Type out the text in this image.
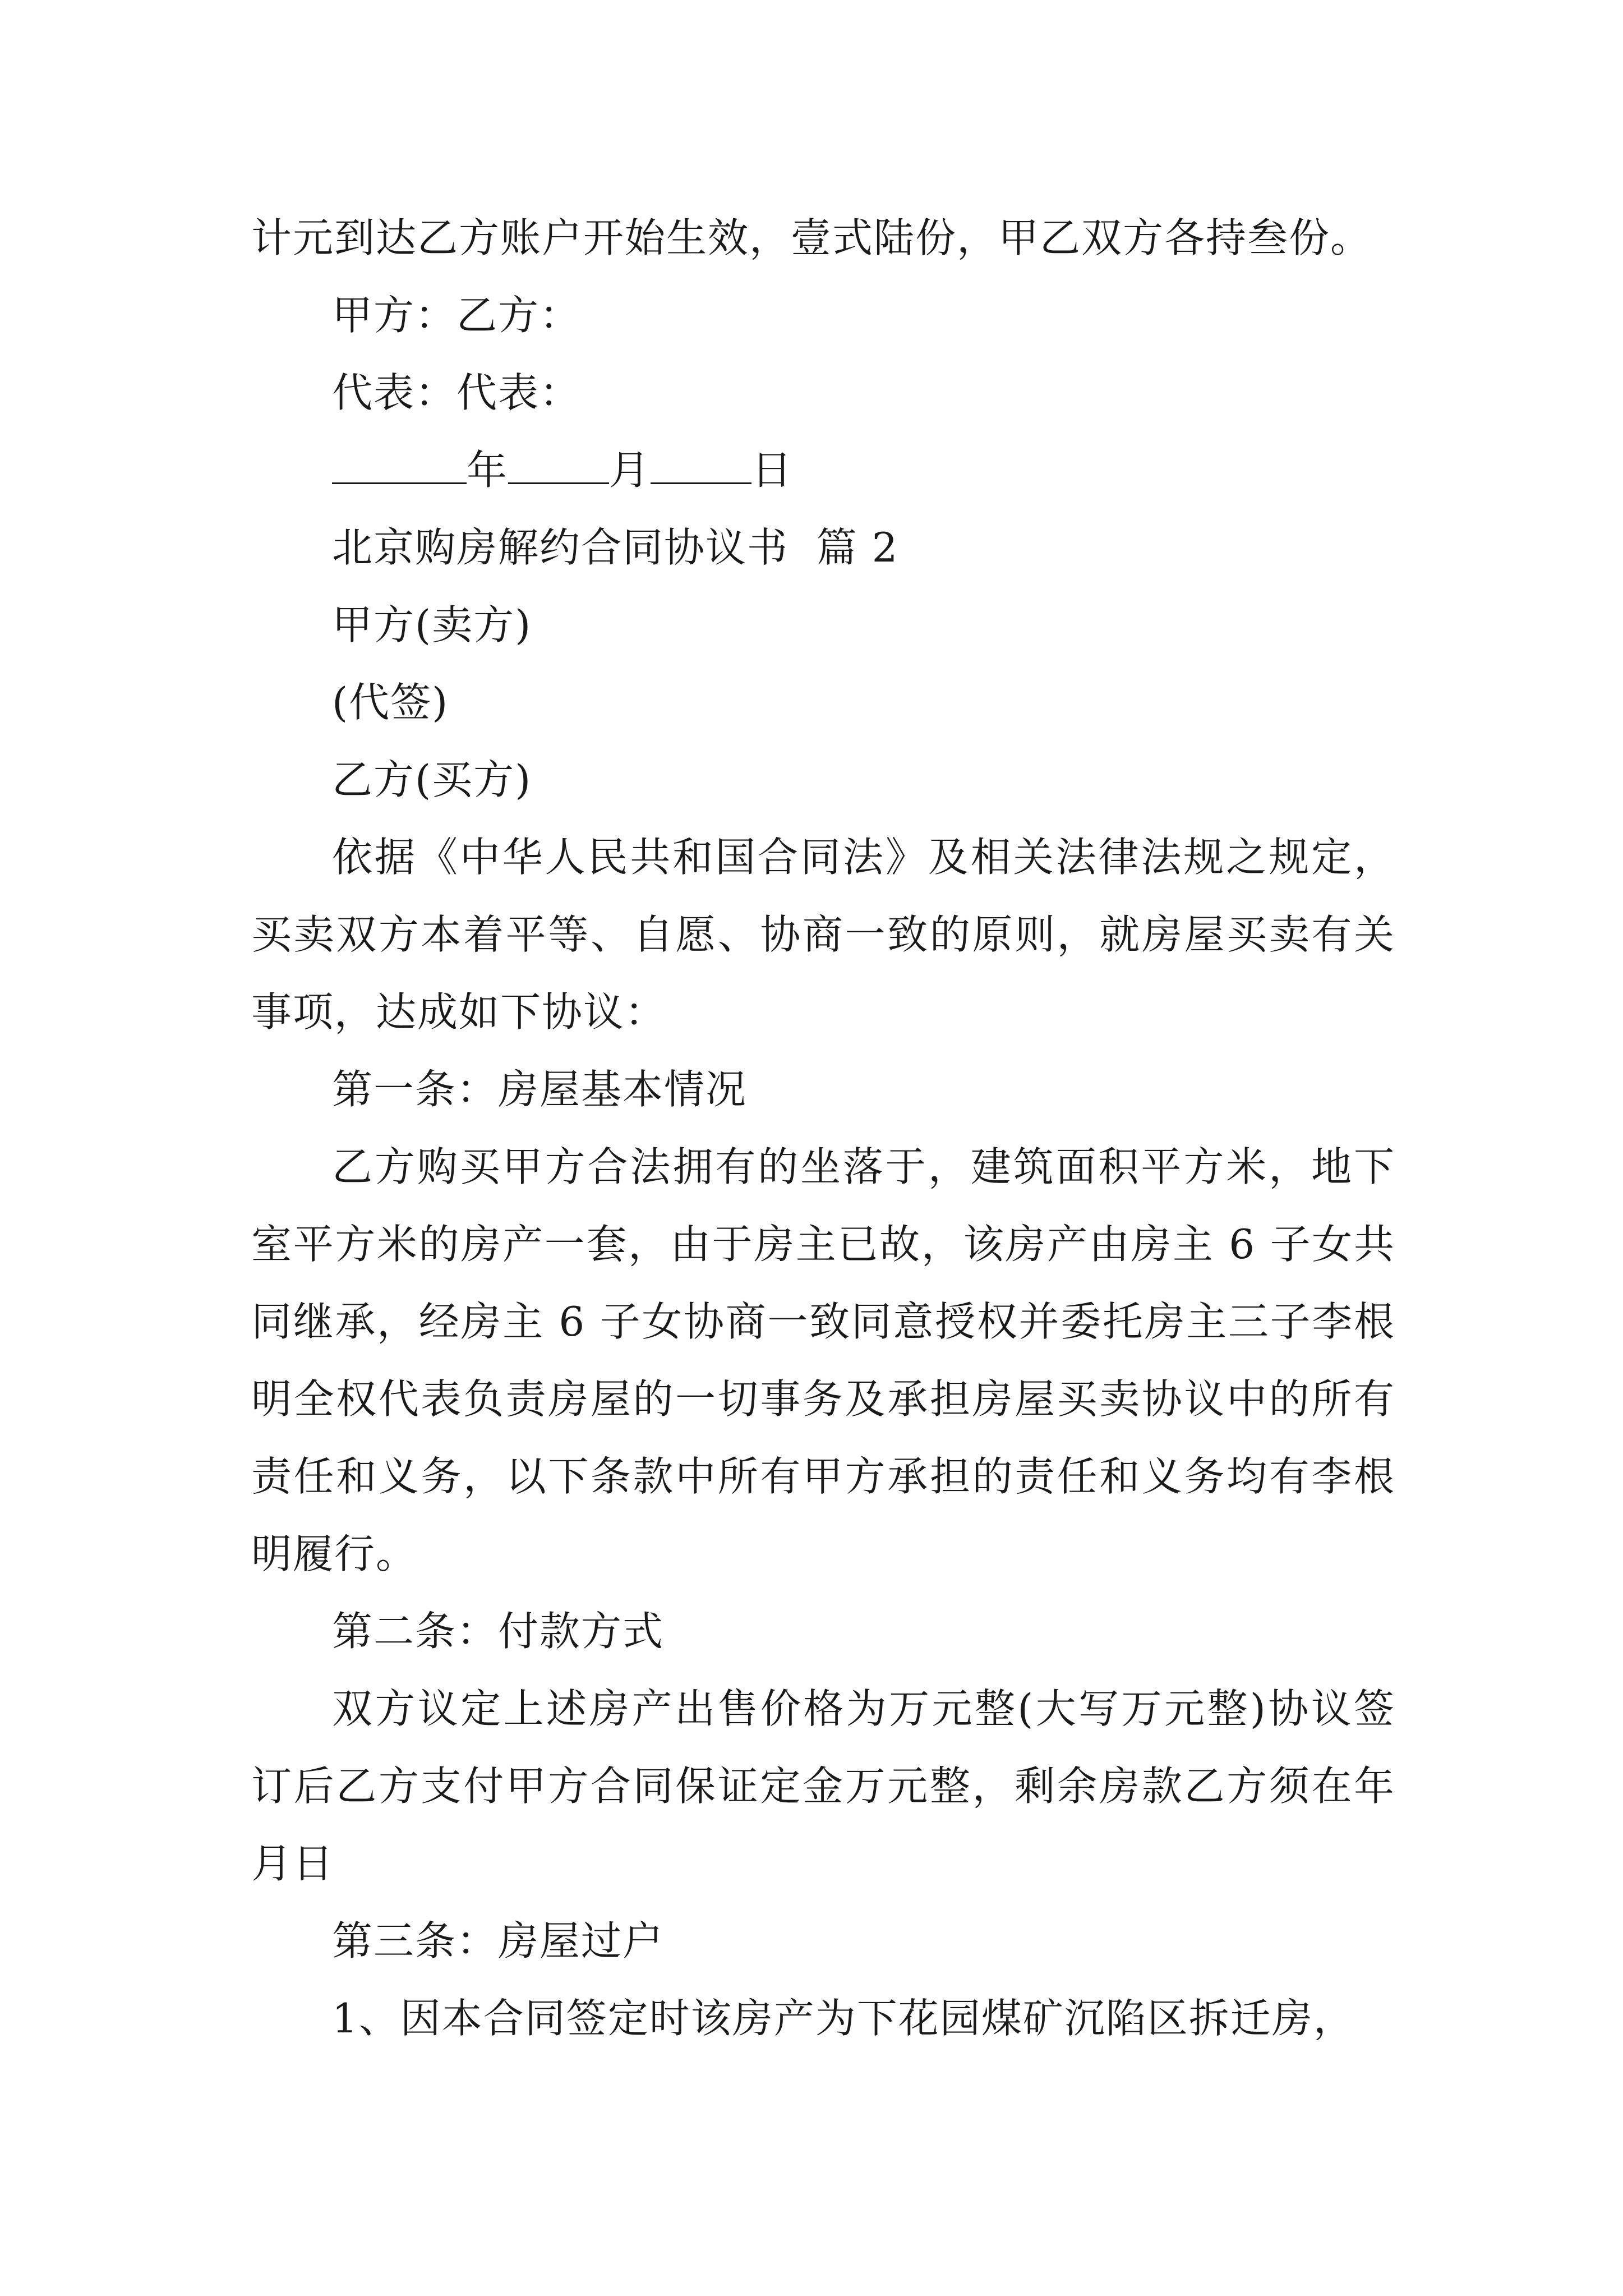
计元到达乙方账户开始生效，壹式陆份，甲乙双方各持叁份。

甲方：乙方：

代表：代表：

年	月	日

北京购房解约合同协议书  篇 2

甲方(卖方)

(代签)

乙方(买方)

依据《中华人民共和国合同法》及相关法律法规之规定，买卖双方本着平等、自愿、协商一致的原则，就房屋买卖有关事项，达成如下协议：

第一条：房屋基本情况

乙方购买甲方合法拥有的坐落于，建筑面积平方米，地下室平方米的房产一套，由于房主已故，该房产由房主 6 子女共同继承，经房主 6 子女协商一致同意授权并委托房主三子李根明全权代表负责房屋的一切事务及承担房屋买卖协议中的所有责任和义务，以下条款中所有甲方承担的责任和义务均有李根明履行。

第二条：付款方式

双方议定上述房产出售价格为万元整(大写万元整)协议签订后乙方支付甲方合同保证定金万元整，剩余房款乙方须在年月日

第三条：房屋过户

1、因本合同签定时该房产为下花园煤矿沉陷区拆迁房，
